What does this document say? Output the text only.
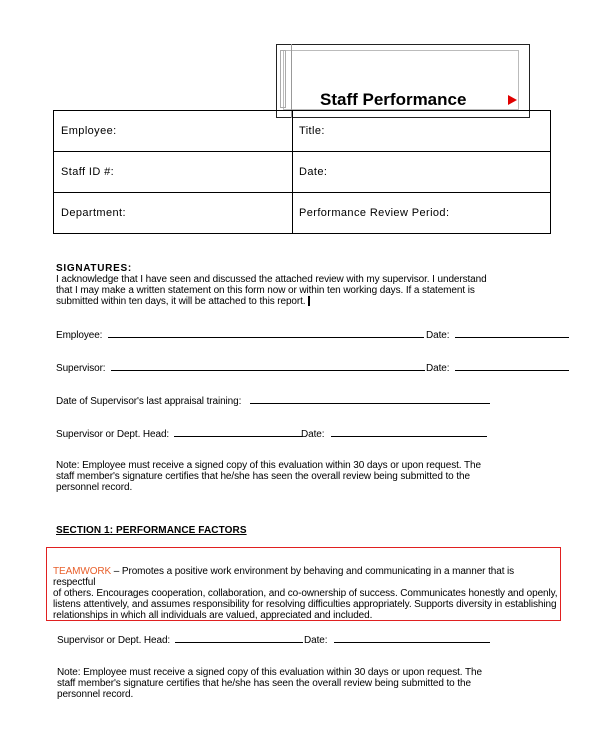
Staff Performance
Employee:	Title:
Staff ID #:	Date:
Department:	Performance Review Period:
SIGNATURES:
I acknowledge that I have seen and discussed the attached review with my supervisor. I understand
that I may make a written statement on this form now or within ten working days. If a statement is
submitted within ten days, it will be attached to this report.
Employee:	Date:
Supervisor:	Date:
Date of Supervisor's last appraisal training:
Supervisor or Dept. Head:	Date:
Note: Employee must receive a signed copy of this evaluation within 30 days or upon request. The
staff member's signature certifies that he/she has seen the overall review being submitted to the
personnel record.
SECTION 1: PERFORMANCE FACTORS
TEAMWORK – Promotes a positive work environment by behaving and communicating in a manner that is respectful
of others. Encourages cooperation, collaboration, and co-ownership of success. Communicates honestly and openly,
listens attentively, and assumes responsibility for resolving difficulties appropriately. Supports diversity in establishing
relationships in which all individuals are valued, appreciated and included.
Supervisor or Dept. Head:	Date:
Note: Employee must receive a signed copy of this evaluation within 30 days or upon request. The
staff member's signature certifies that he/she has seen the overall review being submitted to the
personnel record.
